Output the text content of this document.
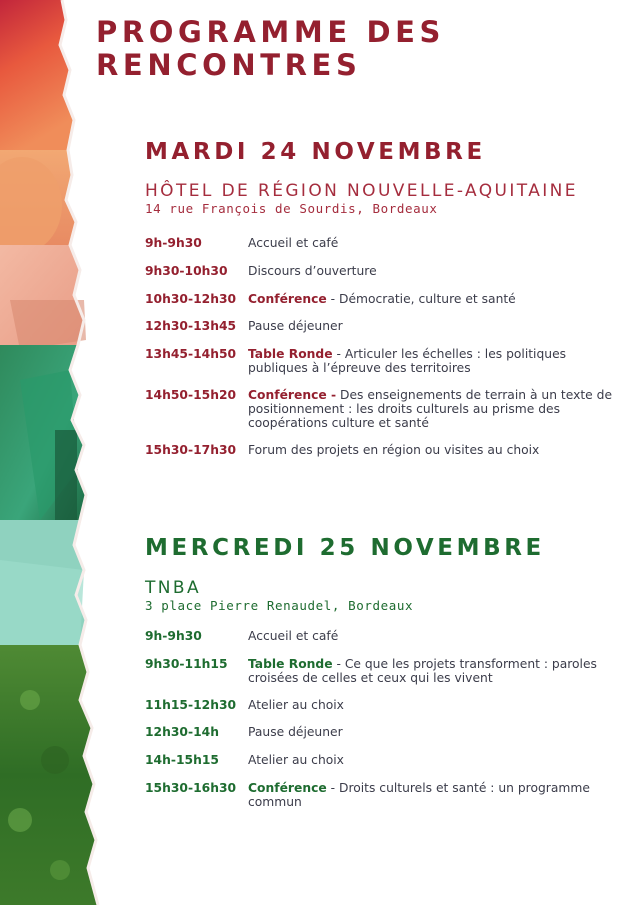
PROGRAMME DES
RENCONTRES
MARDI 24 NOVEMBRE
HÔTEL DE RÉGION NOUVELLE-AQUITAINE
14 rue François de Sourdis, Bordeaux
9h-9h30	Accueil et café
9h30-10h30	Discours d’ouverture
10h30-12h30 Conférence - Démocratie, culture et santé
12h30-13h45 Pause déjeuner
13h45-14h50 Table Ronde - Articuler les échelles : les politiques publiques à l’épreuve des territoires
14h50-15h20 Conférence - Des enseignements de terrain à un texte de positionnement : les droits culturels au prisme des coopérations culture et santé
15h30-17h30 Forum des projets en région ou visites au choix
MERCREDI 25 NOVEMBRE
TNBA
3 place Pierre Renaudel, Bordeaux
9h-9h30	Accueil et café
9h30-11h15	Table Ronde - Ce que les projets transforment : paroles croisées de celles et ceux qui les vivent
11h15-12h30 Atelier au choix
12h30-14h	Pause déjeuner
14h-15h15	Atelier au choix
15h30-16h30 Conférence - Droits culturels et santé : un programme commun
